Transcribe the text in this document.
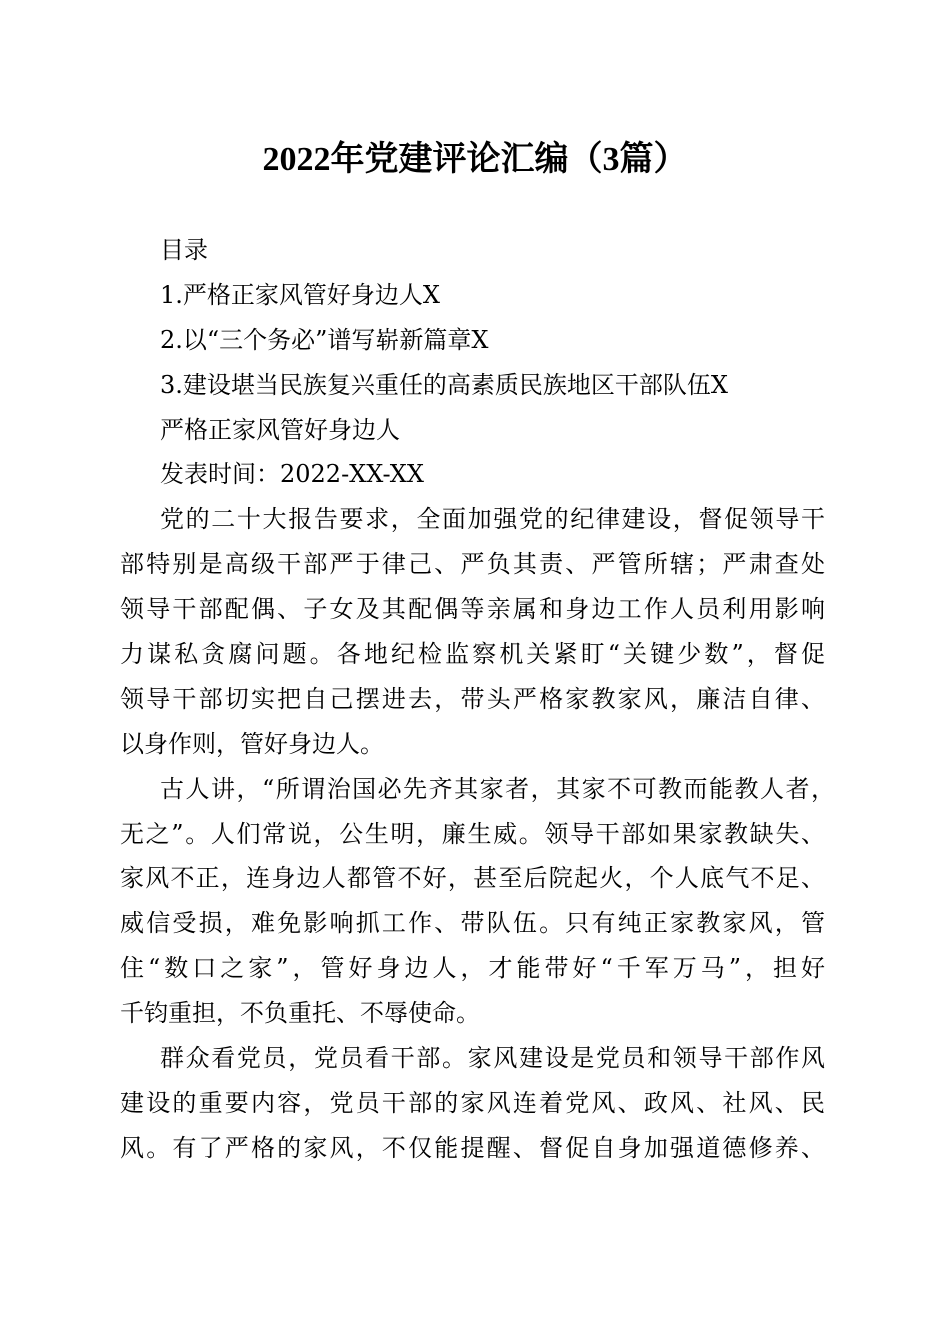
2022年党建评论汇编（3篇）
目录
1.严格正家风管好身边人X
2.以“三个务必”谱写崭新篇章X
3.建设堪当民族复兴重任的高素质民族地区干部队伍X
严格正家风管好身边人
发表时间：2022-XX-XX
党的二十大报告要求，全面加强党的纪律建设，督促领导干
部特别是高级干部严于律己、严负其责、严管所辖；严肃查处
领导干部配偶、子女及其配偶等亲属和身边工作人员利用影响
力谋私贪腐问题。各地纪检监察机关紧盯“关键少数”，督促
领导干部切实把自己摆进去，带头严格家教家风，廉洁自律、
以身作则，管好身边人。
古人讲，“所谓治国必先齐其家者，其家不可教而能教人者，
无之”。人们常说，公生明，廉生威。领导干部如果家教缺失、
家风不正，连身边人都管不好，甚至后院起火，个人底气不足、
威信受损，难免影响抓工作、带队伍。只有纯正家教家风，管
住“数口之家”，管好身边人，才能带好“千军万马”，担好
千钧重担，不负重托、不辱使命。
群众看党员，党员看干部。家风建设是党员和领导干部作风
建设的重要内容，党员干部的家风连着党风、政风、社风、民
风。有了严格的家风，不仅能提醒、督促自身加强道德修养、
